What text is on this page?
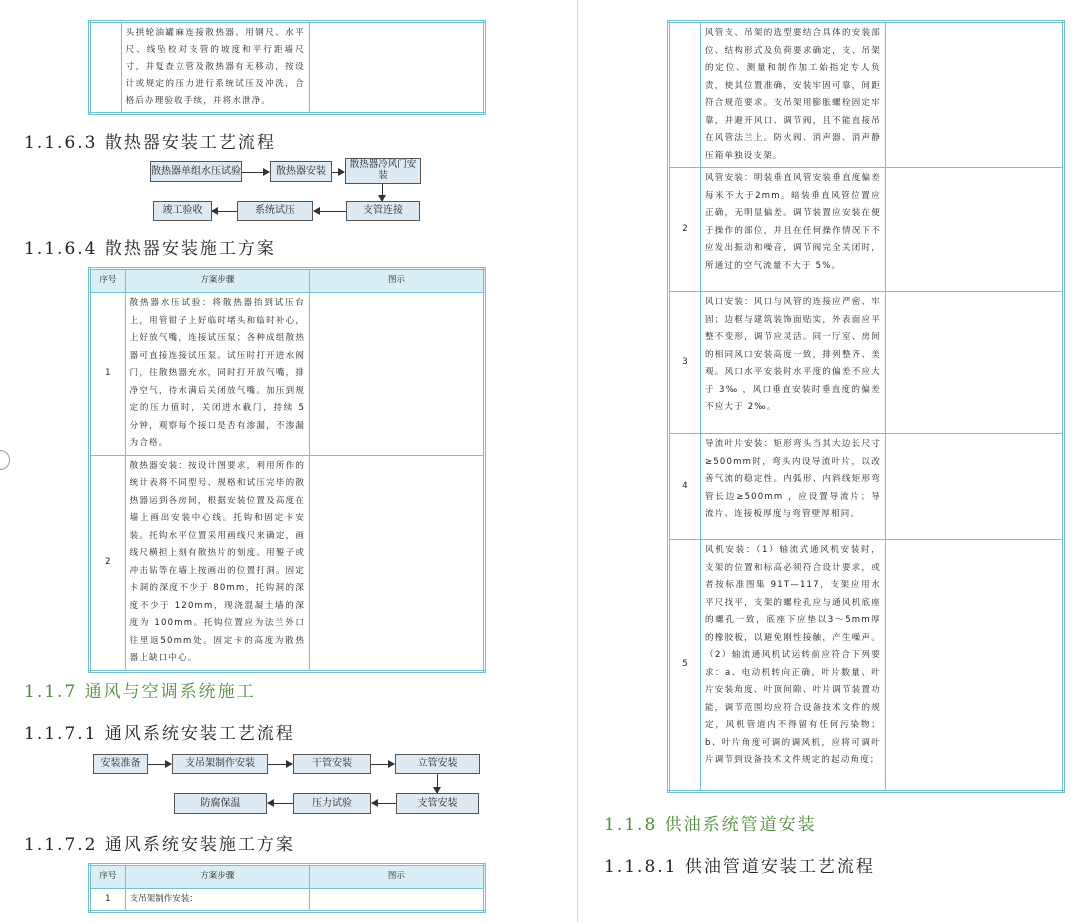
	头拱轮油罐麻连接散热器。用钢尺、水平尺、线坠校对支管的坡度和平行距墙尺寸，并复查立管及散热器有无移动，按设计或规定的压力进行系统试压及冲洗，合格后办理验收手续，并将水泄净。	
1.1.6.3 散热器安装工艺流程
散热器单组水压试验	散热器安装
散热器冷风门安装
支管连接
系统试压
竣工验收
1.1.6.4 散热器安装施工方案
序号	方案步骤	图示
1	散热器水压试验：将散热器抬到试压台上，用管钳子上好临时堵头和临时补心，上好放气嘴，连接试压泵；各种成组散热器可直接连接试压泵。试压时打开进水阀门，往散热器充水，同时打开放气嘴，排净空气，待水满后关闭放气嘴。加压到规定的压力值时，关闭进水截门，持续 5 分钟，观察每个接口是否有渗漏，不渗漏为合格。	
2	散热器安装：按设计图要求，利用所作的统计表将不同型号、规格和试压完毕的散热器运到各房间，根据安装位置及高度在墙上画出安装中心线。托钩和固定卡安装。托钩水平位置采用画线尺来确定，画线尺横担上刻有散热片的刻度。用錾子或冲击钻等在墙上按画出的位置打洞。固定卡洞的深度不少于 80mm，托钩洞的深度不少于 120mm，现浇混凝土墙的深度为 100mm。托钩位置应为法兰外口往里返50mm处。固定卡的高度为散热器上缺口中心。	
1.1.7 通风与空调系统施工
1.1.7.1 通风系统安装工艺流程
安装准备	支吊架制作安装	干管安装	立管安装
支管安装
压力试验
防腐保温
1.1.7.2 通风系统安装施工方案
序号	方案步骤	图示
1	支吊架制作安装：	
	风管支、吊架的选型要结合具体的安装部位、结构形式及负荷要求确定，支、吊架的定位、测量和制作加工始指定专人负责，使其位置准确，安装牢固可靠，间距符合规范要求。支吊架用膨胀螺栓固定牢靠，并避开风口、调节阀，且不能直接吊在风管法兰上。防火阀、消声器、消声静压箱单独设支架。	
2	风管安装：明装垂直风管安装垂直度偏差每米不大于2mm。暗装垂直风管位置应正确，无明显偏差。调节装置应安装在便于操作的部位，并且在任何操作情况下不应发出振动和噪音，调节阀完全关闭时，所通过的空气流量不大于 5%。	
3	风口安装：风口与风管的连接应严密、牢固；边框与建筑装饰面贴实，外表面应平整不变形，调节应灵活。同一厅室、房间的相同风口安装高度一致，排列整齐、美观。风口水平安装时水平度的偏差不应大于 3‰ ，风口垂直安装时垂直度的偏差不应大于 2‰。	
4	导流叶片安装：矩形弯头当其大边长尺寸≥500mm时，弯头内设导流叶片，以改善气流的稳定性。内弧形、内斜线矩形弯管长边≥500mm ，应设置导流片；导流片、连接板厚度与弯管壁厚相同。	
5	风机安装：（1）轴流式通风机安装时，支架的位置和标高必须符合设计要求，或者按标准图集 91T—117，支架应用水平尺找平，支架的螺栓孔应与通风机底座的螺孔一致，底座下应垫以3～5mm厚的橡胶板，以避免刚性接触，产生噪声。（2）轴流通风机试运转前应符合下列要求：a、电动机转向正确，叶片数量、叶片安装角度、叶顶间隙、叶片调节装置功能，调节范围均应符合设备技术文件的规定，风机管道内不得留有任何污染物；b、叶片角度可调的调风机，应将可调叶片调节到设备技术文件规定的起动角度；	
1.1.8 供油系统管道安装
1.1.8.1 供油管道安装工艺流程
